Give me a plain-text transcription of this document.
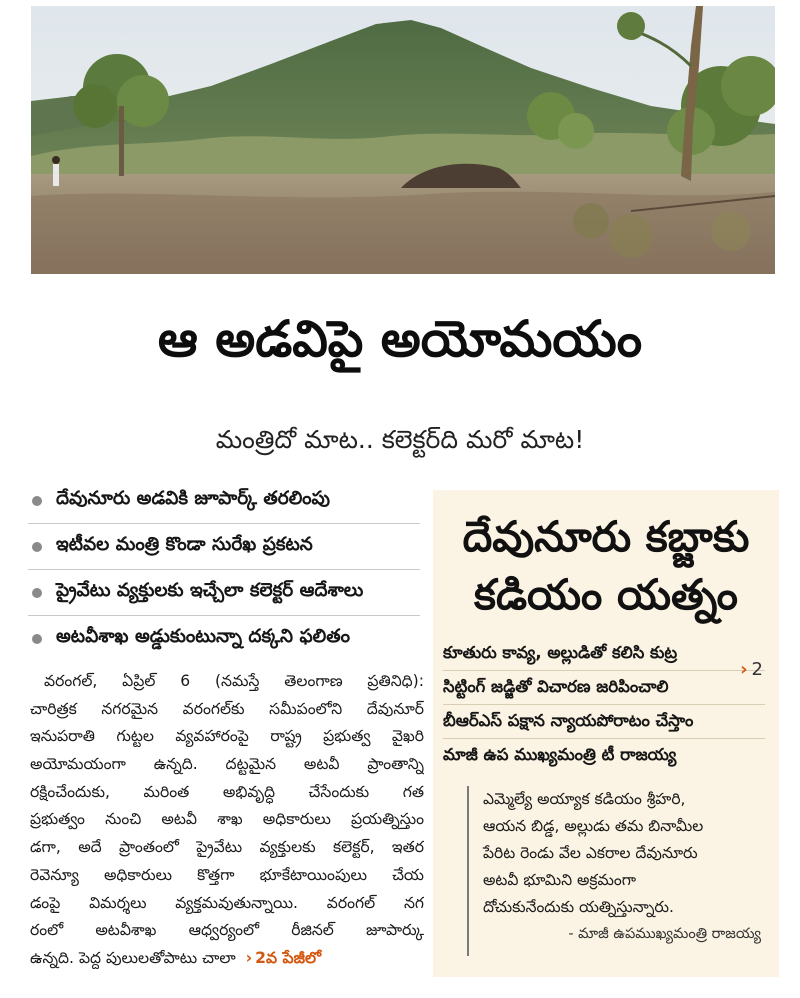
ఆ అడవిపై అయోమయం
మంత్రిదో మాట.. కలెక్టర్‌ది మరో మాట!
దేవునూరు అడవికి జూపార్క్‌ తరలింపు
ఇటీవల మంత్రి కొండా సురేఖ ప్రకటన
ప్రైవేటు వ్యక్తులకు ఇచ్చేలా కలెక్టర్‌ ఆదేశాలు
అటవీశాఖ అడ్డుకుంటున్నా దక్కని ఫలితం
వరంగల్‌, ఏప్రిల్‌ 6 (నమస్తే తెలంగాణ ప్రతినిధి):
చారిత్రక నగరమైన వరంగల్‌కు సమీపంలోని దేవునూర్‌
ఇనుపరాతి గుట్టల వ్యవహారంపై రాష్ట్ర ప్రభుత్వ వైఖరి
అయోమయంగా ఉన్నది. దట్టమైన అటవీ ప్రాంతాన్ని
రక్షించేందుకు, మరింత అభివృద్ధి చేసేందుకు గత
ప్రభుత్వం నుంచి అటవీ శాఖ అధికారులు ప్రయత్నిస్తుం
డగా, అదే ప్రాంతంలో ప్రైవేటు వ్యక్తులకు కలెక్టర్‌, ఇతర
రెవెన్యూ అధికారులు కొత్తగా భూకేటాయింపులు చేయ
డంపై విమర్శలు వ్యక్తమవుతున్నాయి. వరంగల్‌ నగ
రంలో అటవీశాఖ ఆధ్వర్యంలో రీజినల్‌ జూపార్కు
ఉన్నది. పెద్ద పులులతోపాటు చాలా › 2వ పేజీలో
దేవునూరు కబ్జాకు
కడియం యత్నం
కూతురు కావ్య, అల్లుడితో కలిసి కుట్ర
సిట్టింగ్‌ జడ్జితో విచారణ జరిపించాలి
› 2
బీఆర్‌ఎస్‌ పక్షాన న్యాయపోరాటం చేస్తాం
మాజీ ఉప ముఖ్యమంత్రి టీ రాజయ్య
ఎమ్మెల్యే అయ్యాక కడియం శ్రీహరి,
ఆయన బిడ్డ, అల్లుడు తమ బినామీల
పేరిట రెండు వేల ఎకరాల దేవునూరు
అటవీ భూమిని అక్రమంగా
దోచుకునేందుకు యత్నిస్తున్నారు.
- మాజీ ఉపముఖ్యమంత్రి రాజయ్య
